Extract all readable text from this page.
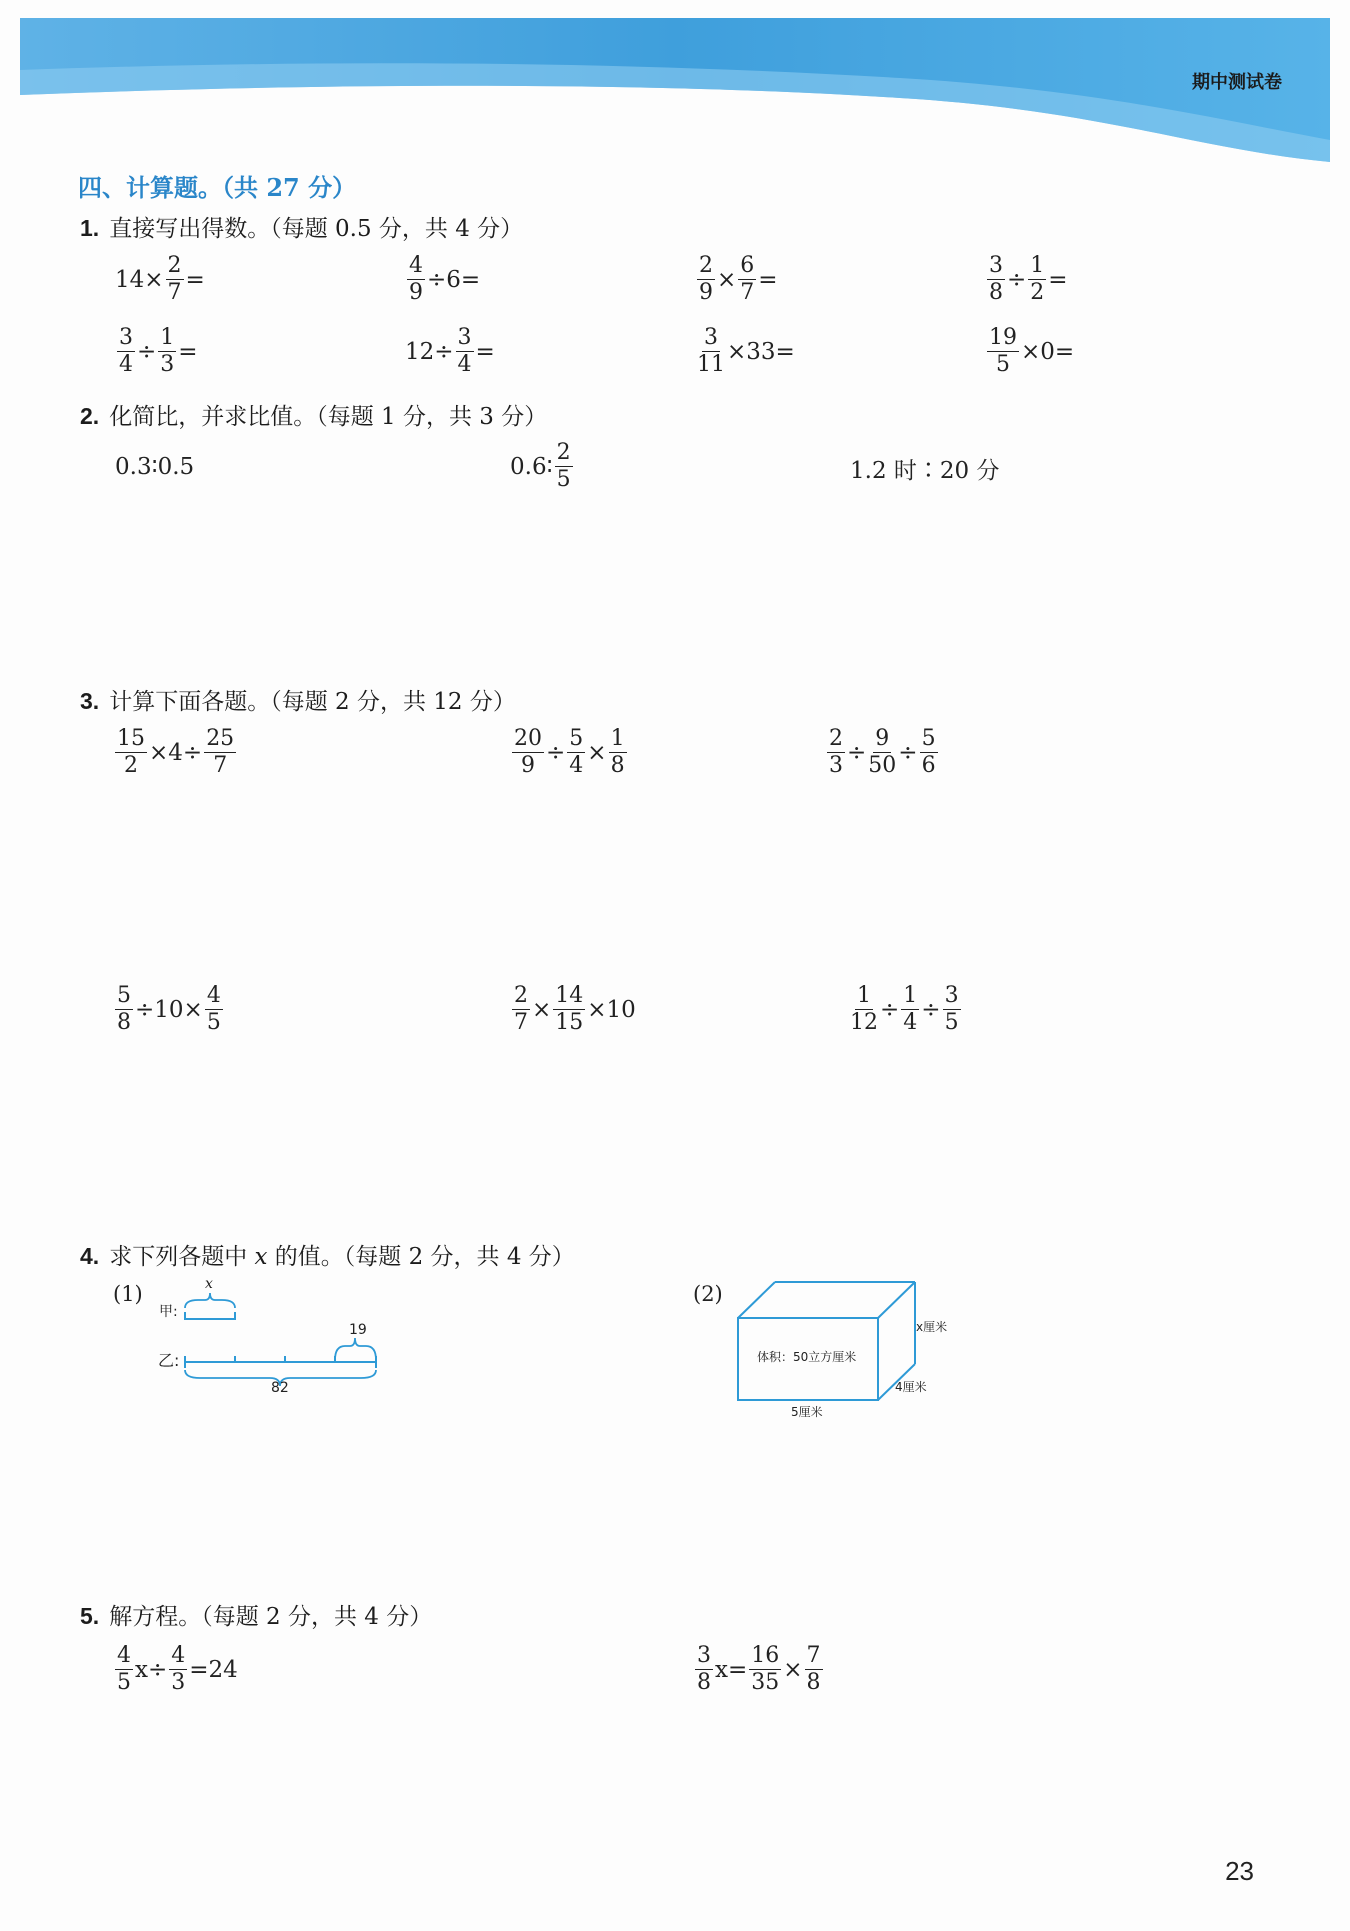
期中测试卷
四、计算题。（共 27 分）
1. 直接写出得数。（每题 0.5 分，共 4 分）
$14\times \frac{2}{7}$ =	$\frac{4}{9} \div 6=$	$\frac{2}{9} \times \frac{6}{7}$ =	$\frac{3}{8} \div \frac{1}{2}$ =
$\frac{3}{4} \div \frac{1}{3}$ =	$12\div \frac{3}{4}$ =	$\frac{3}{11} \times 33=$	$\frac{19}{5} \times 0=$
2. 化简比，并求比值。（每题 1 分，共 3 分）
0.3∶0.5	0.6∶ $\frac{2}{5}$	1.2 时∶20 分
3. 计算下面各题。（每题 2 分，共 12 分）
$\frac{15}{2} \times 4\div \frac{25}{7}$	$\frac{20}{9} \div \frac{5}{4} \times \frac{1}{8}$	$\frac{2}{3} \div \frac{9}{50} \div \frac{5}{6}$
$\frac{5}{8} \div 10\times \frac{4}{5}$	$\frac{2}{7} \times \frac{14}{15} \times 10$	$\frac{1}{12} \div \frac{1}{4} \div \frac{3}{5}$
4. 求下列各题中 x 的值。（每题 2 分，共 4 分）
(1)
甲:
乙:
x
19
82
(2)
体积：50立方厘米
x厘米
4厘米
5厘米
5. 解方程。（每题 2 分，共 4 分）
$\frac{4}{5} x\div \frac{4}{3} =24$	$\frac{3}{8} x= \frac{16}{35} \times \frac{7}{8}$
23
